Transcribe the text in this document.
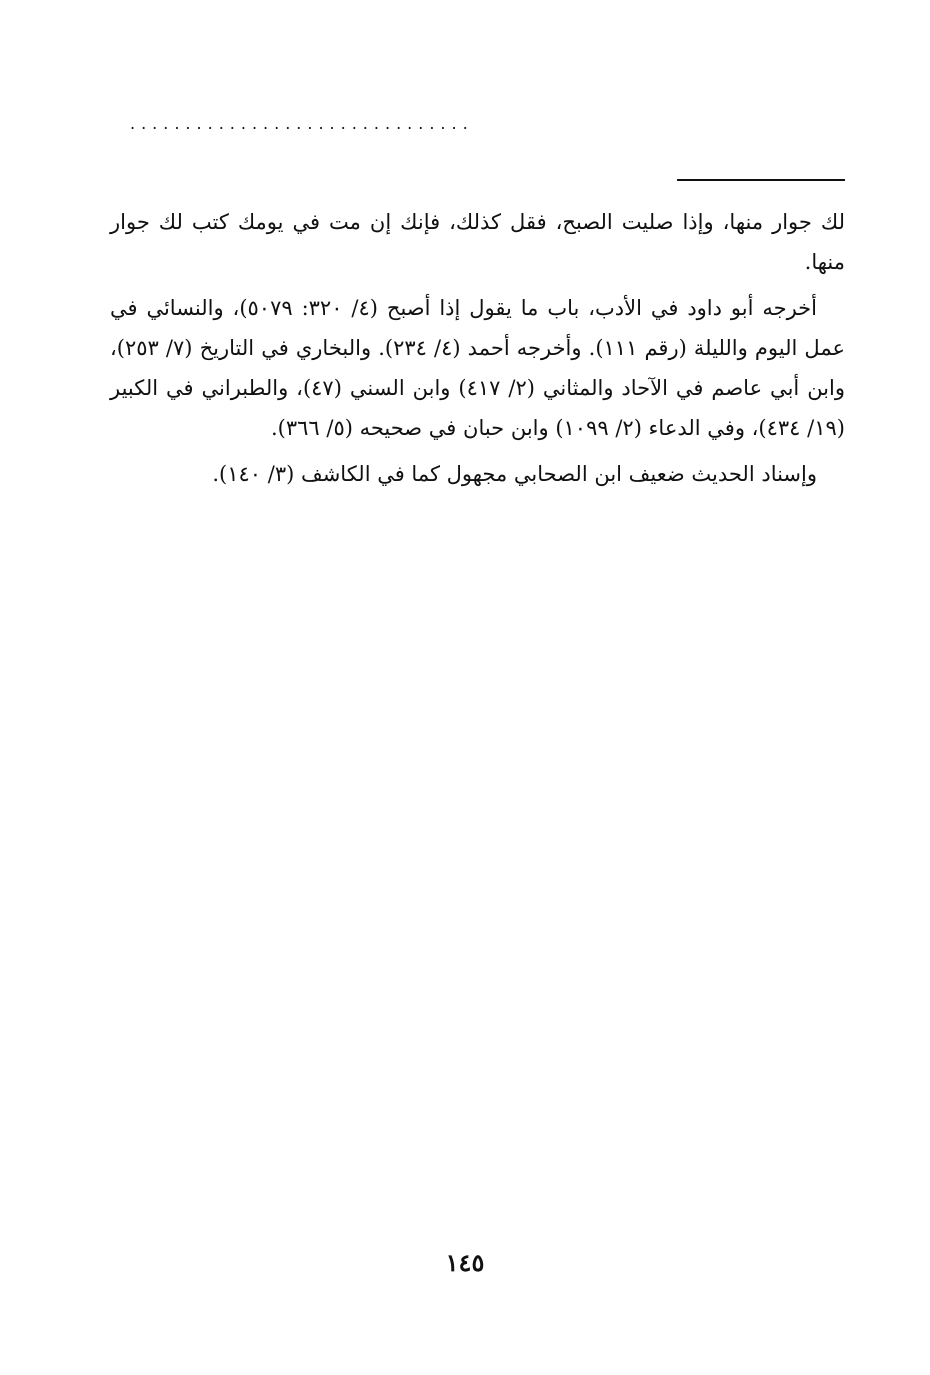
...............................

لك جوار منها، وإذا صليت الصبح، فقل كذلك، فإنك إن مت في يومك كتب لك جوار منها.

أخرجه أبو داود في الأدب، باب ما يقول إذا أصبح (٤/ ٣٢٠: ٥٠٧٩)، والنسائي في عمل اليوم والليلة (رقم ١١١). وأخرجه أحمد (٤/ ٢٣٤). والبخاري في التاريخ (٧/ ٢٥٣)، وابن أبي عاصم في الآحاد والمثاني (٢/ ٤١٧) وابن السني (٤٧)، والطبراني في الكبير (١٩/ ٤٣٤)، وفي الدعاء (٢/ ١٠٩٩) وابن حبان في صحيحه (٥/ ٣٦٦).

وإسناد الحديث ضعيف ابن الصحابي مجهول كما في الكاشف (٣/ ١٤٠).

١٤٥
